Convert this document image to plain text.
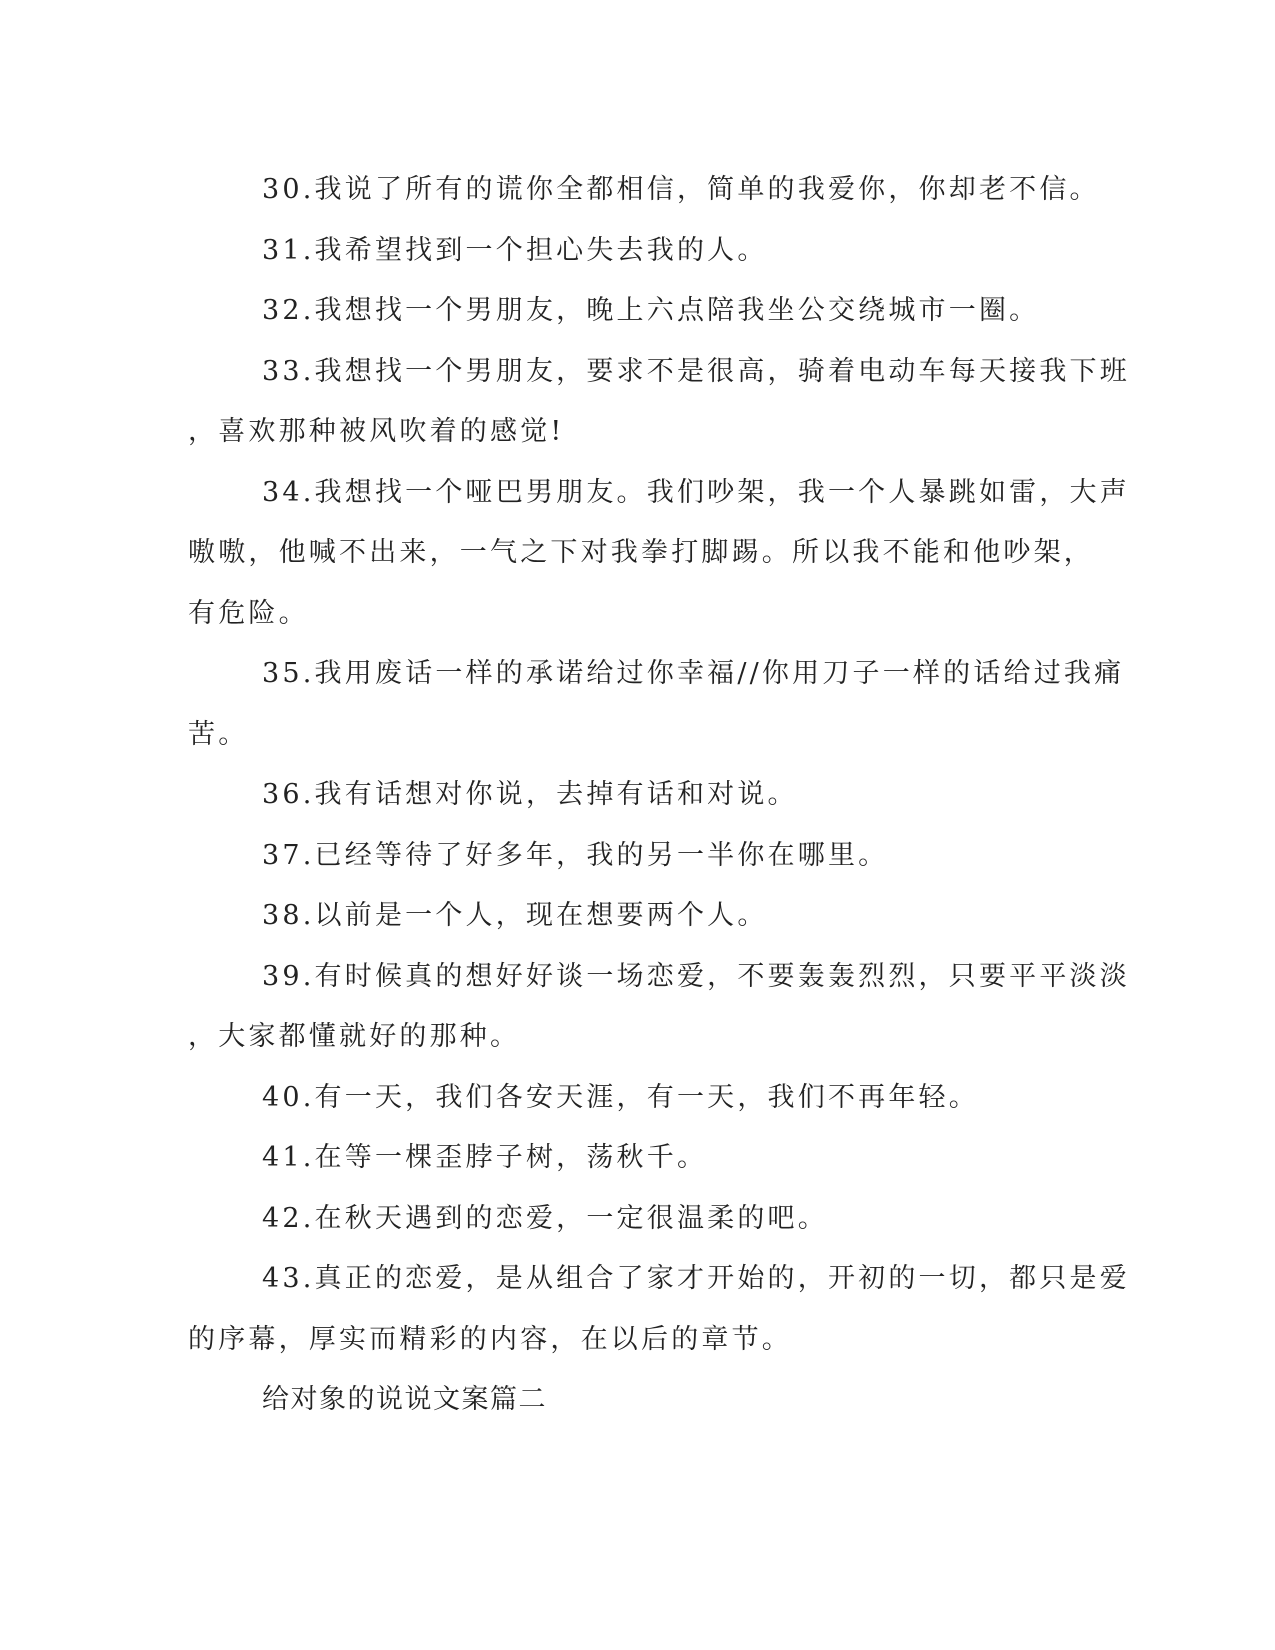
30.我说了所有的谎你全都相信，简单的我爱你，你却老不信。
31.我希望找到一个担心失去我的人。
32.我想找一个男朋友，晚上六点陪我坐公交绕城市一圈。
33.我想找一个男朋友，要求不是很高，骑着电动车每天接我下班
，喜欢那种被风吹着的感觉!
34.我想找一个哑巴男朋友。我们吵架，我一个人暴跳如雷，大声
嗷嗷，他喊不出来，一气之下对我拳打脚踢。所以我不能和他吵架，
有危险。
35.我用废话一样的承诺给过你幸福//你用刀子一样的话给过我痛
苦。
36.我有话想对你说，去掉有话和对说。
37.已经等待了好多年，我的另一半你在哪里。
38.以前是一个人，现在想要两个人。
39.有时候真的想好好谈一场恋爱，不要轰轰烈烈，只要平平淡淡
，大家都懂就好的那种。
40.有一天，我们各安天涯，有一天，我们不再年轻。
41.在等一棵歪脖子树，荡秋千。
42.在秋天遇到的恋爱，一定很温柔的吧。
43.真正的恋爱，是从组合了家才开始的，开初的一切，都只是爱
的序幕，厚实而精彩的内容，在以后的章节。
给对象的说说文案篇二
